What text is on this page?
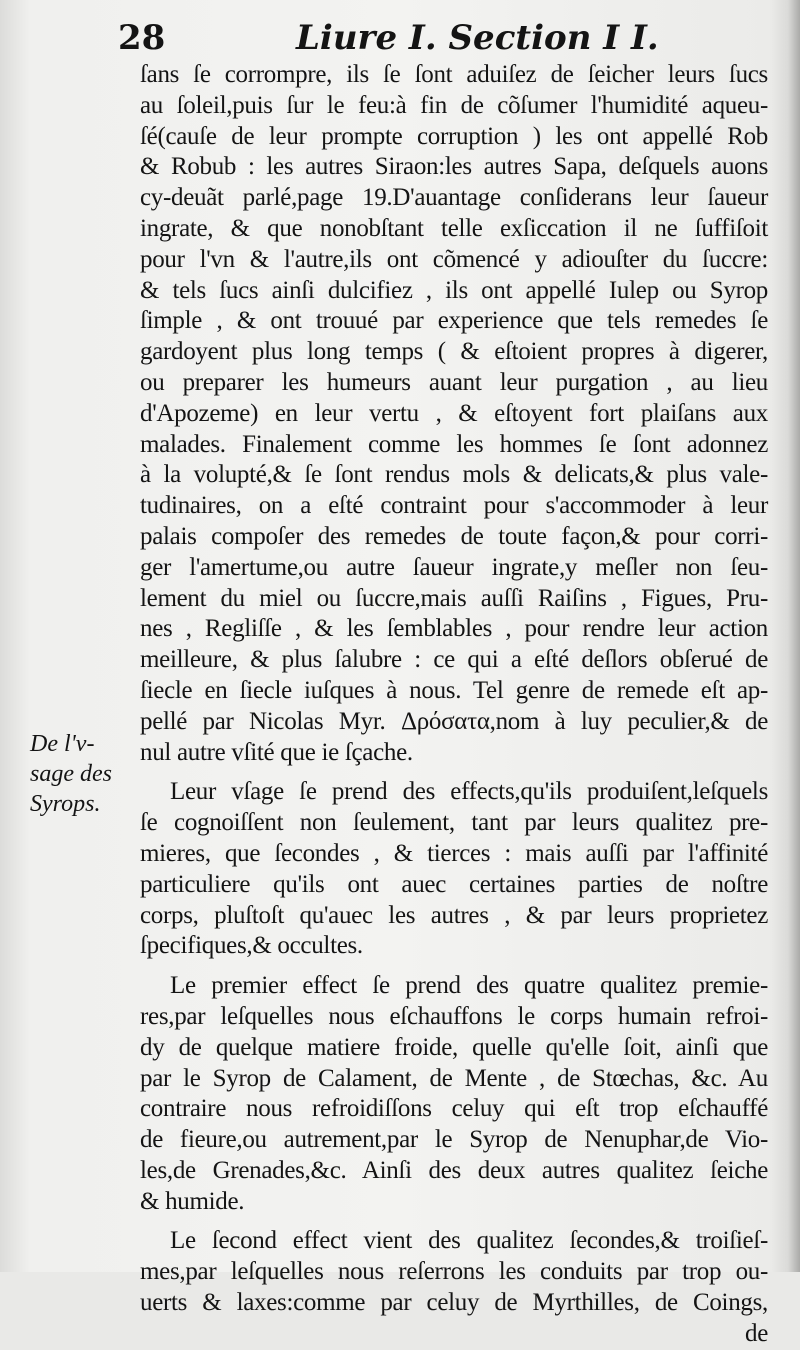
28	Liure I. Section I I.
De l'v-
sage des
Syrops.
ſans ſe corrompre, ils ſe ſont aduiſez de ſeicher leurs ſucs
au ſoleil,puis ſur le feu:à fin de cõſumer l'humidité aqueu-
ſé(cauſe de leur prompte corruption ) les ont appellé Rob
& Robub : les autres Siraon:les autres Sapa, deſquels auons
cy-deuãt parlé,page 19.D'auantage conſiderans leur ſaueur
ingrate, & que nonobſtant telle exſiccation il ne ſuffiſoit
pour l'vn & l'autre,ils ont cõmencé y adiouſter du ſuccre:
& tels ſucs ainſi dulcifiez , ils ont appellé Iulep ou Syrop
ſimple , & ont trouué par experience que tels remedes ſe
gardoyent plus long temps ( & eſtoient propres à digerer,
ou preparer les humeurs auant leur purgation , au lieu
d'Apozeme) en leur vertu , & eſtoyent fort plaiſans aux
malades. Finalement comme les hommes ſe ſont adonnez
à la volupté,& ſe ſont rendus mols & delicats,& plus vale-
tudinaires, on a eſté contraint pour s'accommoder à leur
palais compoſer des remedes de toute façon,& pour corri-
ger l'amertume,ou autre ſaueur ingrate,y meſler non ſeu-
lement du miel ou ſuccre,mais auſſi Raiſins , Figues, Pru-
nes , Regliſſe , & les ſemblables , pour rendre leur action
meilleure, & plus ſalubre : ce qui a eſté deſlors obſerué de
ſiecle en ſiecle iuſques à nous. Tel genre de remede eſt ap-
pellé par Nicolas Myr. Δρόσατα,nom à luy peculier,& de
nul autre vſité que ie ſçache.
Leur vſage ſe prend des effects,qu'ils produiſent,leſquels
ſe cognoiſſent non ſeulement, tant par leurs qualitez pre-
mieres, que ſecondes , & tierces : mais auſſi par l'affinité
particuliere qu'ils ont auec certaines parties de noſtre
corps, pluſtoſt qu'auec les autres , & par leurs proprietez
ſpecifiques,& occultes.
Le premier effect ſe prend des quatre qualitez premie-
res,par leſquelles nous eſchauffons le corps humain refroi-
dy de quelque matiere froide, quelle qu'elle ſoit, ainſi que
par le Syrop de Calament, de Mente , de Stœchas, &c. Au
contraire nous refroidiſſons celuy qui eſt trop eſchauffé
de fieure,ou autrement,par le Syrop de Nenuphar,de Vio-
les,de Grenades,&c. Ainſi des deux autres qualitez ſeiche
& humide.
Le ſecond effect vient des qualitez ſecondes,& troiſieſ-
mes,par leſquelles nous reſerrons les conduits par trop ou-
uerts & laxes:comme par celuy de Myrthilles, de Coings,
de
